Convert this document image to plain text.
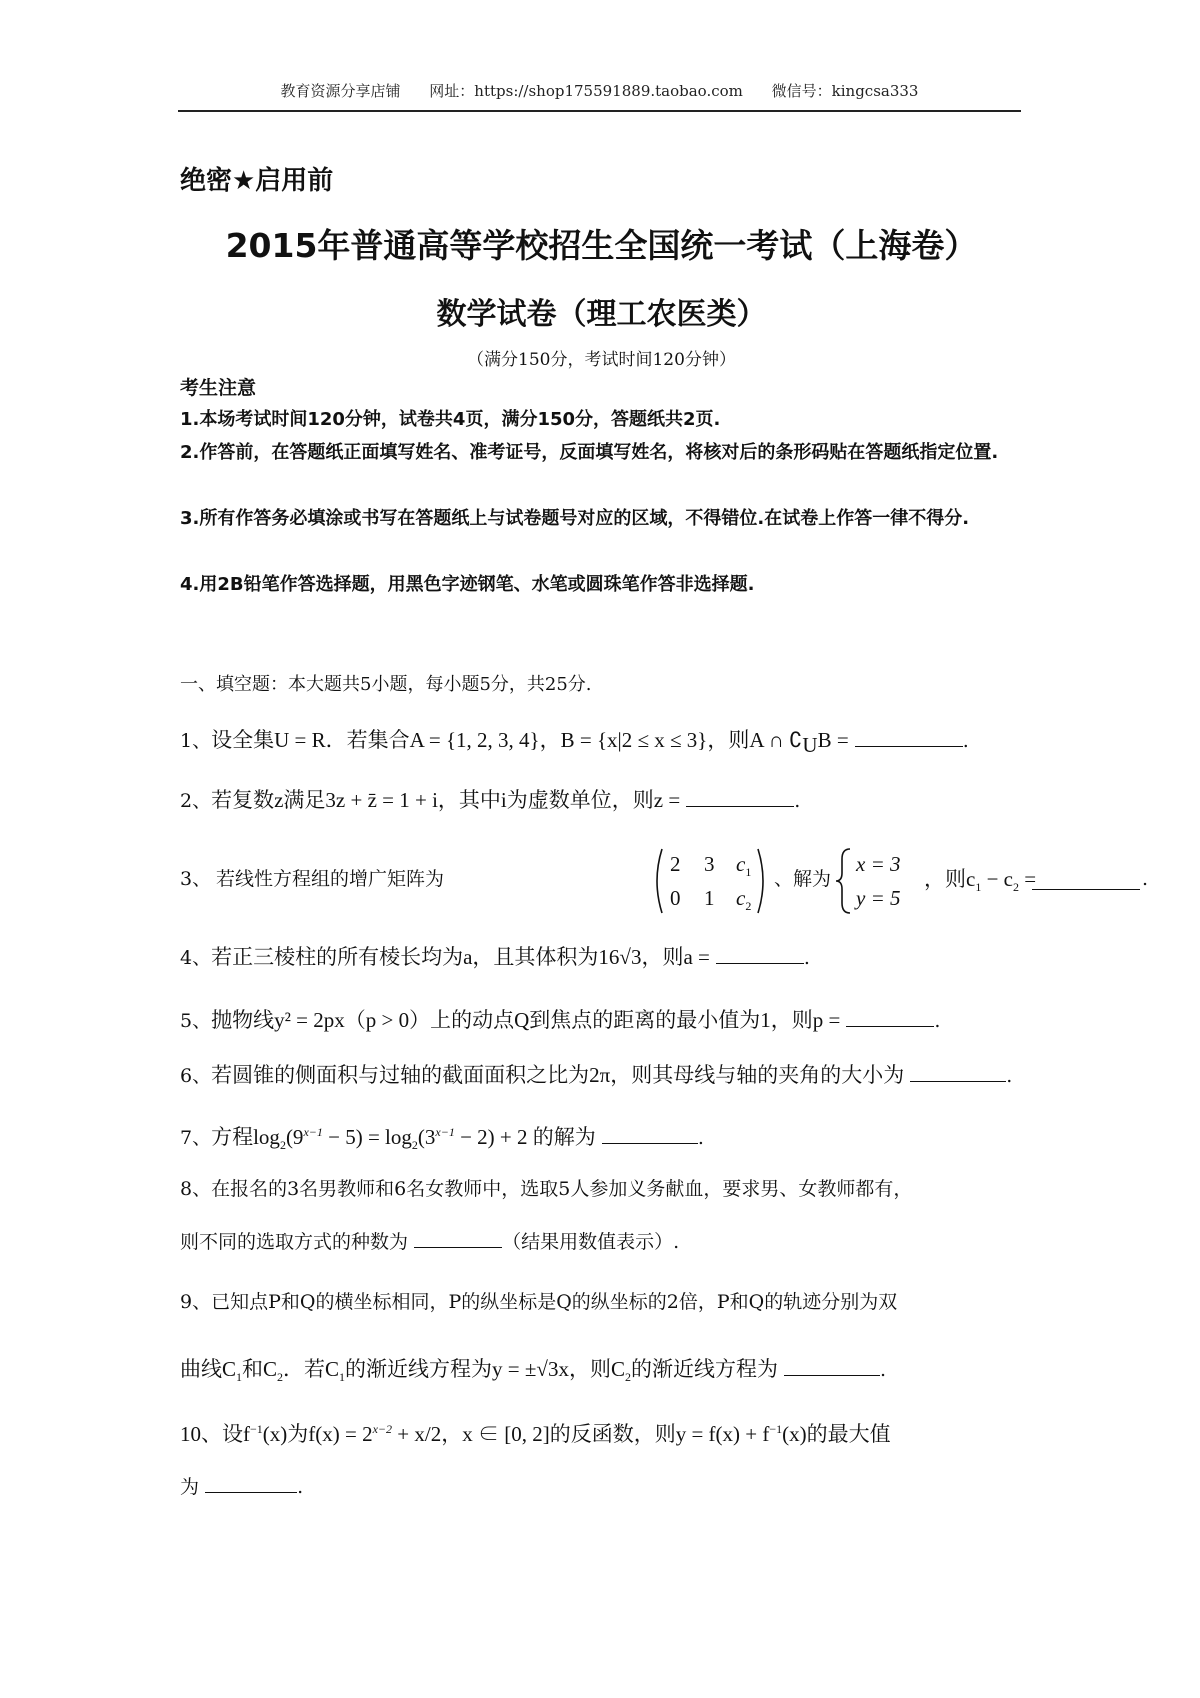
教育资源分享店铺 网址：https://shop175591889.taobao.com 微信号：kingcsa333
绝密★启用前
2015年普通高等学校招生全国统一考试（上海卷）
数学试卷（理工农医类）
（满分150分，考试时间120分钟）
考生注意
1.本场考试时间120分钟，试卷共4页，满分150分，答题纸共2页.
2.作答前，在答题纸正面填写姓名、准考证号，反面填写姓名，将核对后的条形码贴在答题纸指定位置.
3.所有作答务必填涂或书写在答题纸上与试卷题号对应的区域，不得错位.在试卷上作答一律不得分.
4.用2B铅笔作答选择题，用黑色字迹钢笔、水笔或圆珠笔作答非选择题.
一、填空题：本大题共5小题，每小题5分，共25分.
1、设全集U = R．若集合A = {1, 2, 3, 4}，B = {x|2 ≤ x ≤ 3}，则A ∩ $∁_UB$ =	.
2、若复数z满足3z + z̄ = 1 + i，其中i为虚数单位，则z =	.
3、 若线性方程组的增广矩阵为
2 3 $c_1$
0 1 $c_2$
、解为
x = 3
y = 5
，则$c_1 - c_2$ =	.
4、若正三棱柱的所有棱长均为a，且其体积为16√3，则a =	.
5、抛物线y² = 2px（p > 0）上的动点Q到焦点的距离的最小值为1，则p =	.
6、若圆锥的侧面积与过轴的截面面积之比为2π，则其母线与轴的夹角的大小为	.
7、方程$\log_2(9^{x-1} - 5) = \log_2(3^{x-1} - 2) + 2$ 的解为	.
8、在报名的3名男教师和6名女教师中，选取5人参加义务献血，要求男、女教师都有，
则不同的选取方式的种数为	（结果用数值表示）.
9、已知点P和Q的横坐标相同，P的纵坐标是Q的纵坐标的2倍，P和Q的轨迹分别为双
曲线$C_1$和$C_2$．若$C_1$的渐近线方程为y = ±√3x，则$C_2$的渐近线方程为	.
10、设$f^{-1}(x)$为$f(x) = 2^{x-2} + x/2$，x ∈ [0, 2]的反函数，则$y = f(x) + f^{-1}(x)$的最大值
为	.
